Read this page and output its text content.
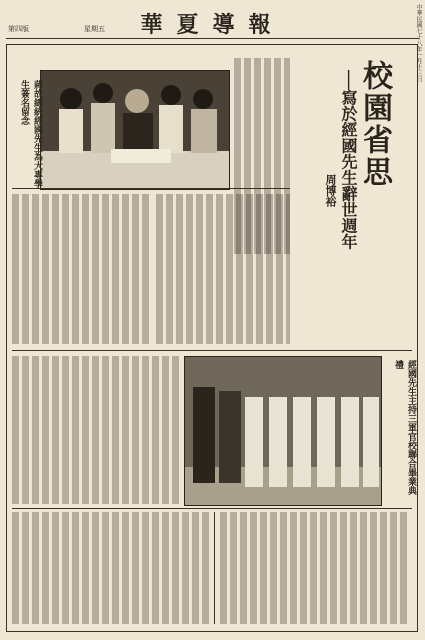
華夏導報
第四版	星期五	中華民國七十八年一月十三日
校園省思
──寫於經國先生辭世週年
周博裕
蔣故總統經國先生為大專學生簽名留念
經國先生主持三軍官校聯合畢業典禮
